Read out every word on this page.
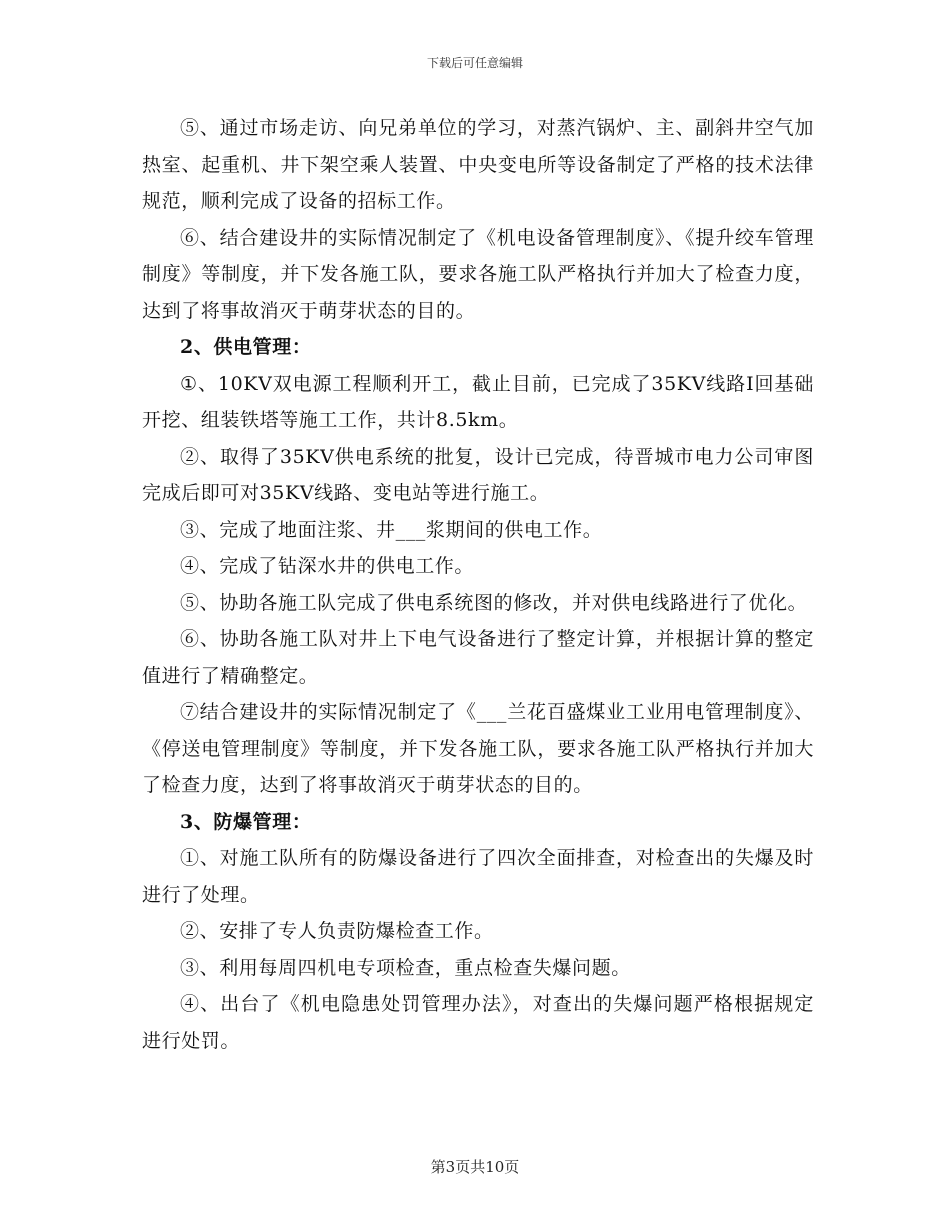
下载后可任意编辑

⑤、通过市场走访、向兄弟单位的学习，对蒸汽锅炉、主、副斜井空气加热室、起重机、井下架空乘人装置、中央变电所等设备制定了严格的技术法律规范，顺利完成了设备的招标工作。

⑥、结合建设井的实际情况制定了《机电设备管理制度》、《提升绞车管理制度》等制度，并下发各施工队，要求各施工队严格执行并加大了检查力度，达到了将事故消灭于萌芽状态的目的。

2、供电管理：

①、10KV双电源工程顺利开工，截止目前，已完成了35KV线路I回基础开挖、组装铁塔等施工工作，共计8.5km。

②、取得了35KV供电系统的批复，设计已完成，待晋城市电力公司审图完成后即可对35KV线路、变电站等进行施工。

③、完成了地面注浆、井___浆期间的供电工作。

④、完成了钻深水井的供电工作。

⑤、协助各施工队完成了供电系统图的修改，并对供电线路进行了优化。

⑥、协助各施工队对井上下电气设备进行了整定计算，并根据计算的整定值进行了精确整定。

⑦结合建设井的实际情况制定了《___兰花百盛煤业工业用电管理制度》、《停送电管理制度》等制度，并下发各施工队，要求各施工队严格执行并加大了检查力度，达到了将事故消灭于萌芽状态的目的。

3、防爆管理：

①、对施工队所有的防爆设备进行了四次全面排查，对检查出的失爆及时进行了处理。

②、安排了专人负责防爆检查工作。

③、利用每周四机电专项检查，重点检查失爆问题。

④、出台了《机电隐患处罚管理办法》，对查出的失爆问题严格根据规定进行处罚。

第3页共10页
